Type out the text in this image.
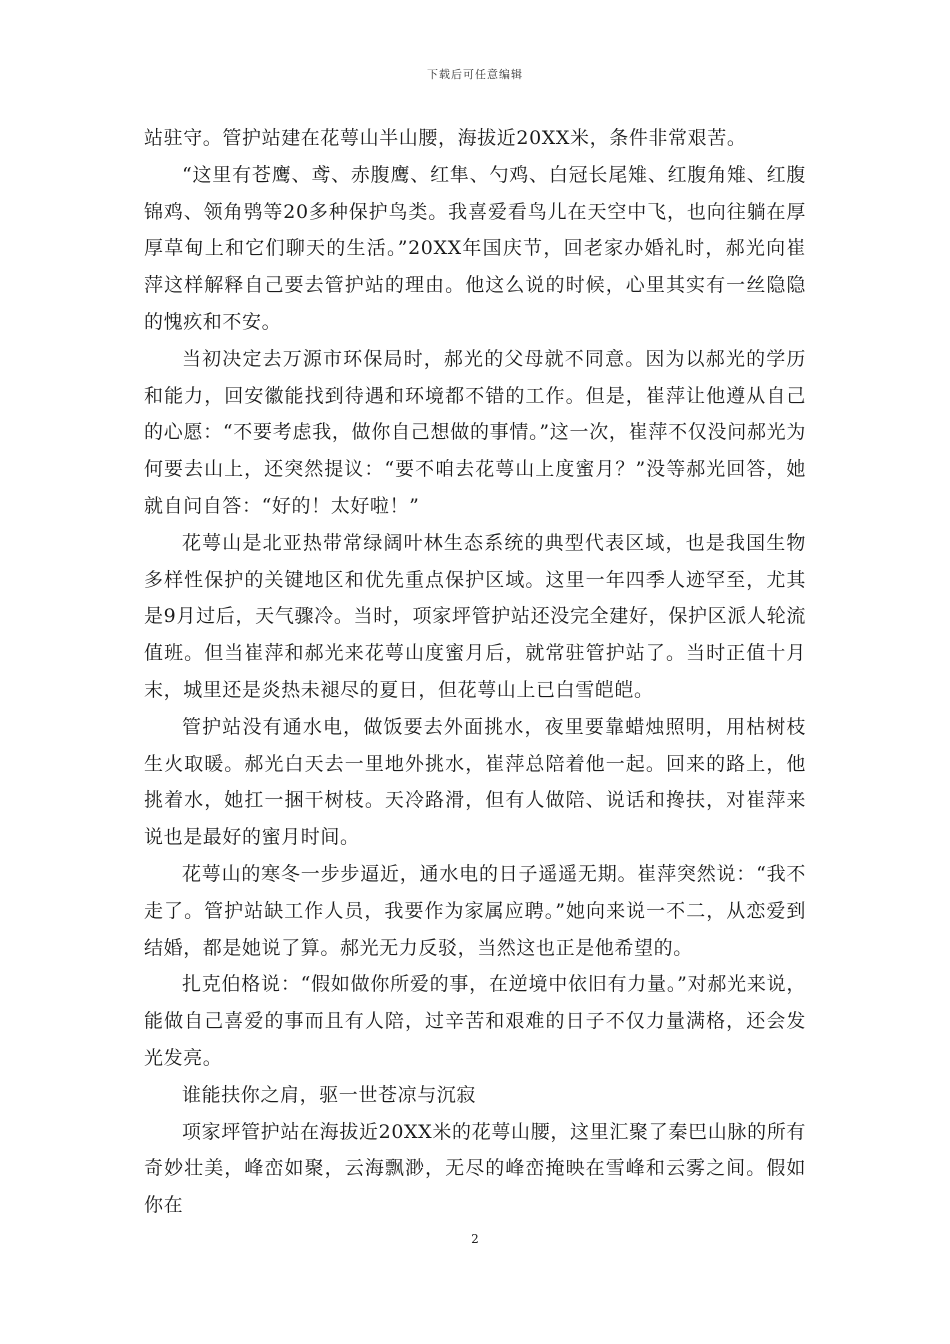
下载后可任意编辑

站驻守。管护站建在花萼山半山腰，海拔近20XX米，条件非常艰苦。

“这里有苍鹰、鸢、赤腹鹰、红隼、勺鸡、白冠长尾雉、红腹角雉、红腹锦鸡、领角鸮等20多种保护鸟类。我喜爱看鸟儿在天空中飞，也向往躺在厚厚草甸上和它们聊天的生活。”20XX年国庆节，回老家办婚礼时，郝光向崔萍这样解释自己要去管护站的理由。他这么说的时候，心里其实有一丝隐隐的愧疚和不安。

当初决定去万源市环保局时，郝光的父母就不同意。因为以郝光的学历和能力，回安徽能找到待遇和环境都不错的工作。但是，崔萍让他遵从自己的心愿：“不要考虑我，做你自己想做的事情。”这一次，崔萍不仅没问郝光为何要去山上，还突然提议：“要不咱去花萼山上度蜜月？”没等郝光回答，她就自问自答：“好的！太好啦！”

花萼山是北亚热带常绿阔叶林生态系统的典型代表区域，也是我国生物多样性保护的关键地区和优先重点保护区域。这里一年四季人迹罕至，尤其是9月过后，天气骤冷。当时，项家坪管护站还没完全建好，保护区派人轮流值班。但当崔萍和郝光来花萼山度蜜月后，就常驻管护站了。当时正值十月末，城里还是炎热未褪尽的夏日，但花萼山上已白雪皑皑。

管护站没有通水电，做饭要去外面挑水，夜里要靠蜡烛照明，用枯树枝生火取暖。郝光白天去一里地外挑水，崔萍总陪着他一起。回来的路上，他挑着水，她扛一捆干树枝。天冷路滑，但有人做陪、说话和搀扶，对崔萍来说也是最好的蜜月时间。

花萼山的寒冬一步步逼近，通水电的日子遥遥无期。崔萍突然说：“我不走了。管护站缺工作人员，我要作为家属应聘。”她向来说一不二，从恋爱到结婚，都是她说了算。郝光无力反驳，当然这也正是他希望的。

扎克伯格说：“假如做你所爱的事，在逆境中依旧有力量。”对郝光来说，能做自己喜爱的事而且有人陪，过辛苦和艰难的日子不仅力量满格，还会发光发亮。

谁能扶你之肩，驱一世苍凉与沉寂

项家坪管护站在海拔近20XX米的花萼山腰，这里汇聚了秦巴山脉的所有奇妙壮美，峰峦如聚，云海飘渺，无尽的峰峦掩映在雪峰和云雾之间。假如你在

2
